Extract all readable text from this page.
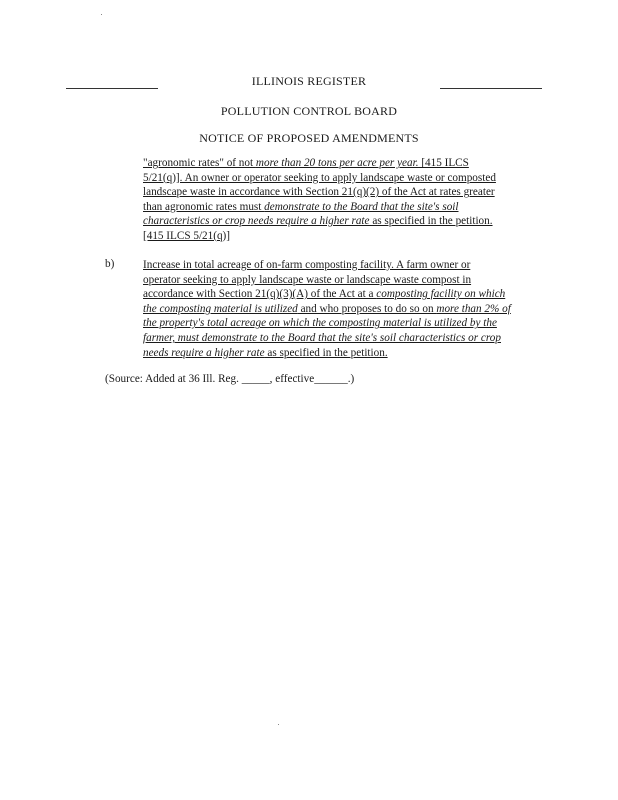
ILLINOIS REGISTER
POLLUTION CONTROL BOARD
NOTICE OF PROPOSED AMENDMENTS
"agronomic rates" of not more than 20 tons per acre per year. [415 ILCS
5/21(q)]. An owner or operator seeking to apply landscape waste or composted
landscape waste in accordance with Section 21(q)(2) of the Act at rates greater
than agronomic rates must demonstrate to the Board that the site's soil
characteristics or crop needs require a higher rate as specified in the petition.
[415 ILCS 5/21(q)]
b)	Increase in total acreage of on-farm composting facility. A farm owner or
operator seeking to apply landscape waste or landscape waste compost in
accordance with Section 21(q)(3)(A) of the Act at a composting facility on which
the composting material is utilized and who proposes to do so on more than 2% of
the property's total acreage on which the composting material is utilized by the
farmer, must demonstrate to the Board that the site's soil characteristics or crop
needs require a higher rate as specified in the petition.
(Source: Added at 36 Ill. Reg. _____, effective______.)
